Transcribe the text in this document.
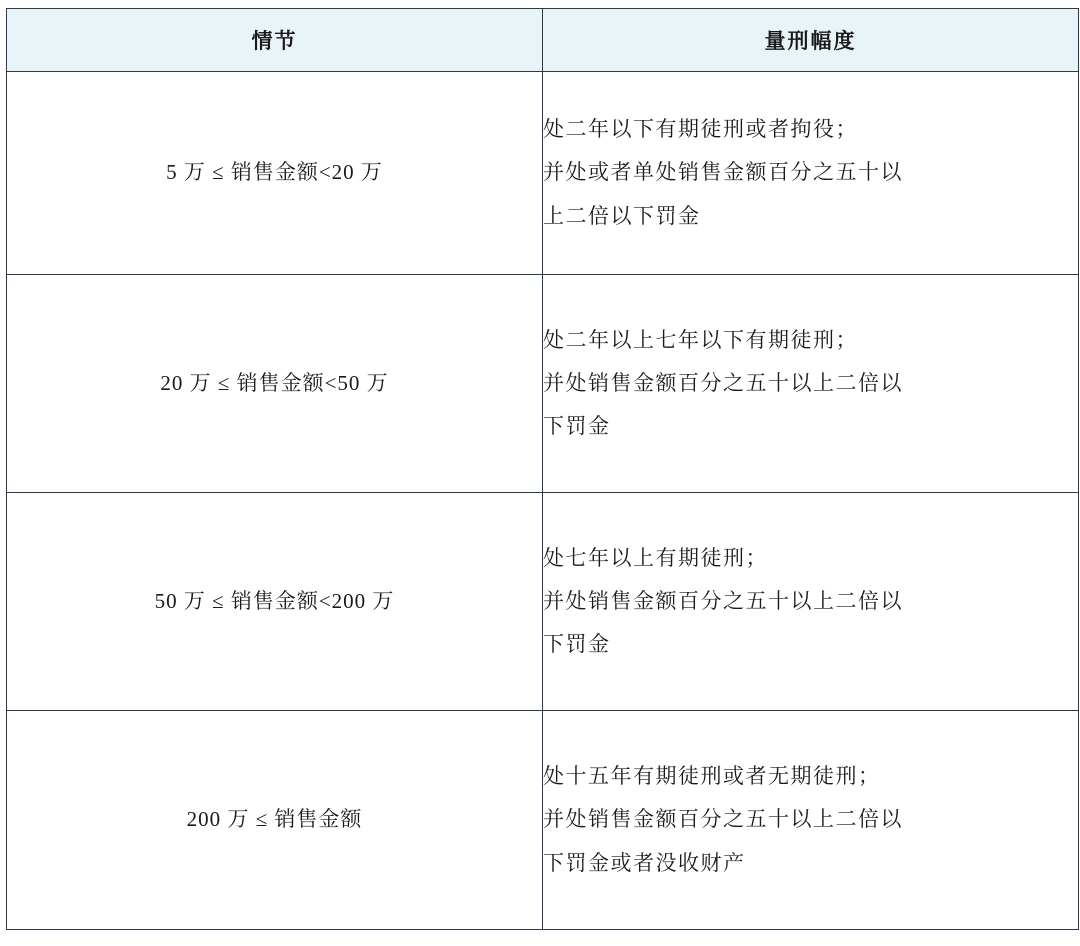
情节	量刑幅度
5 万 ≤ 销售金额<20 万	处二年以下有期徒刑或者拘役；
并处或者单处销售金额百分之五十以
上二倍以下罚金

20 万 ≤ 销售金额<50 万	处二年以上七年以下有期徒刑；
并处销售金额百分之五十以上二倍以
下罚金

50 万 ≤ 销售金额<200 万	处七年以上有期徒刑；
并处销售金额百分之五十以上二倍以
下罚金

200 万 ≤ 销售金额	处十五年有期徒刑或者无期徒刑；
并处销售金额百分之五十以上二倍以
下罚金或者没收财产
